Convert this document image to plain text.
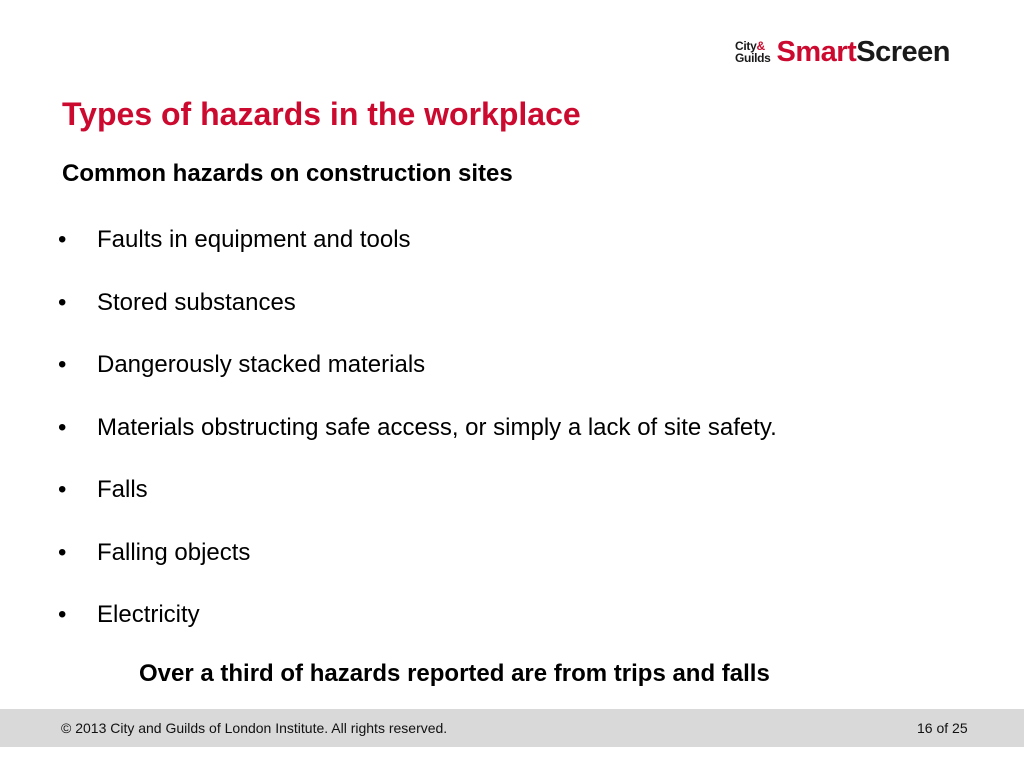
City&
Guilds SmartScreen
Types of hazards in the workplace
Common hazards on construction sites
•	Faults in equipment and tools
•	Stored substances
•	Dangerously stacked materials
•	Materials obstructing safe access, or simply a lack of site safety.
•	Falls
•	Falling objects
•	Electricity

Over a third of hazards reported are from trips and falls

© 2013 City and Guilds of London Institute. All rights reserved.	16 of 25
